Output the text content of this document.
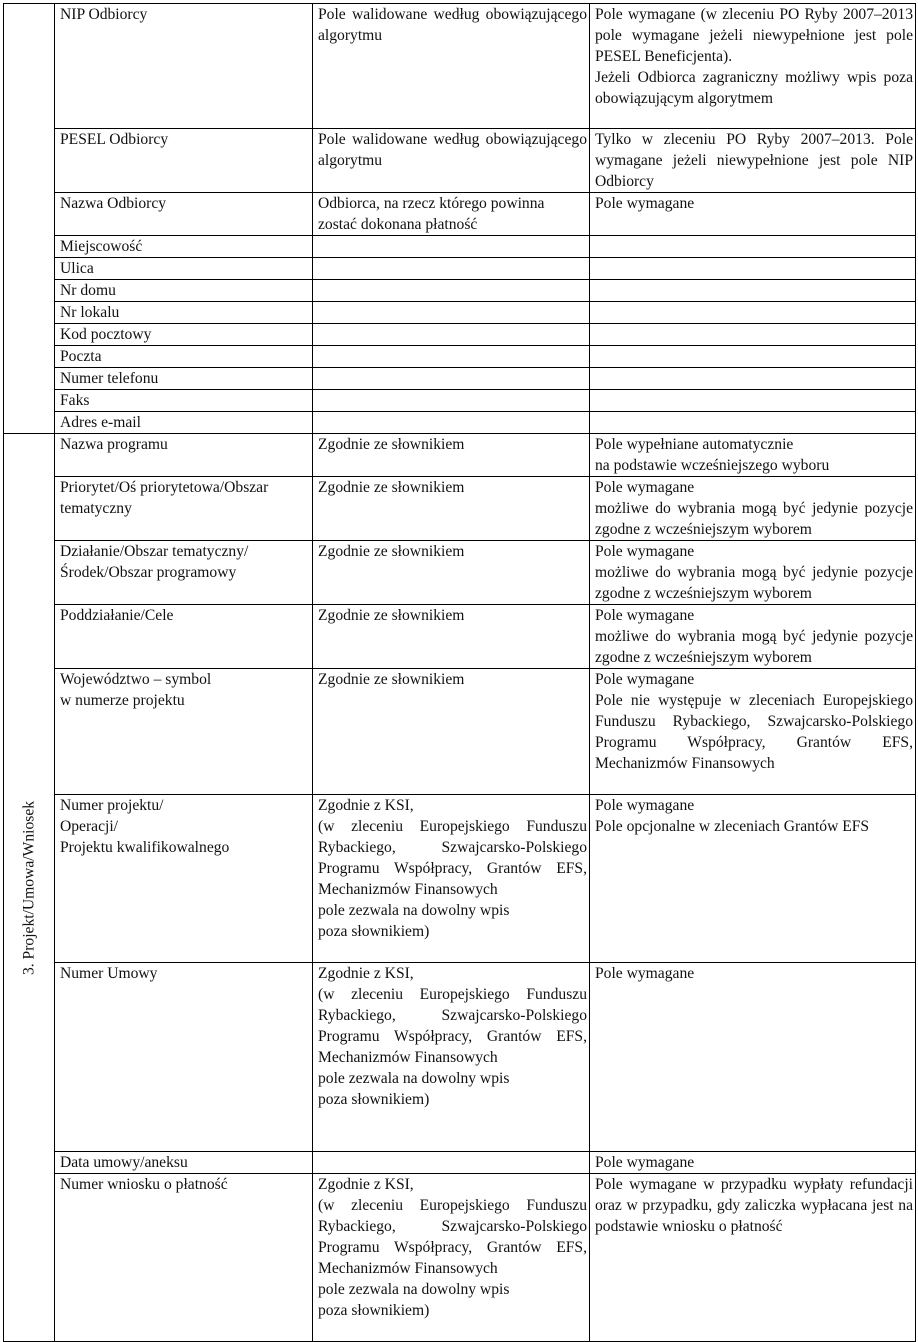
	NIP Odbiorcy	Pole walidowane według obowiązującego algorytmu	Pole wymagane (w zleceniu PO Ryby 2007–2013 pole wymagane jeżeli niewypełnione jest pole PESEL Beneficjenta).
Jeżeli Odbiorca zagraniczny możliwy wpis poza obowiązującym algorytmem

	PESEL Odbiorcy	Pole walidowane według obowiązującego algorytmu	Tylko w zleceniu PO Ryby 2007–2013. Pole wymagane jeżeli niewypełnione jest pole NIP Odbiorcy

	Nazwa Odbiorcy	Odbiorca, na rzecz którego powinna zostać dokonana płatność	Pole wymagane

	Miejscowość		

	Ulica		

	Nr domu		

	Nr lokalu		

	Kod pocztowy		

	Poczta		

	Numer telefonu		

	Faks		

	Adres e-mail		

3. Projekt/Umowa/Wniosek	Nazwa programu	Zgodnie ze słownikiem	Pole wypełniane automatycznie
na podstawie wcześniejszego wyboru

	Priorytet/Oś priorytetowa/Obszar tematyczny	Zgodnie ze słownikiem	Pole wymagane
możliwe do wybrania mogą być jedynie pozycje zgodne z wcześniejszym wyborem

	Działanie/Obszar tematyczny/Środek/Obszar programowy	Zgodnie ze słownikiem	Pole wymagane
możliwe do wybrania mogą być jedynie pozycje zgodne z wcześniejszym wyborem

	Poddziałanie/Cele	Zgodnie ze słownikiem	Pole wymagane
możliwe do wybrania mogą być jedynie pozycje zgodne z wcześniejszym wyborem

	Województwo – symbol
w numerze projektu	Zgodnie ze słownikiem	Pole wymagane
Pole nie występuje w zleceniach Europejskiego Funduszu Rybackiego, Szwajcarsko-Polskiego Programu Współpracy, Grantów EFS, Mechanizmów Finansowych

	Numer projektu/
Operacji/
Projektu kwalifikowalnego	Zgodnie z KSI,
(w zleceniu Europejskiego Funduszu Rybackiego, Szwajcarsko-Polskiego Programu Współpracy, Grantów EFS, Mechanizmów Finansowych
pole zezwala na dowolny wpis
poza słownikiem)	Pole wymagane
Pole opcjonalne w zleceniach Grantów EFS

	Numer Umowy	Zgodnie z KSI,
(w zleceniu Europejskiego Funduszu Rybackiego, Szwajcarsko-Polskiego Programu Współpracy, Grantów EFS, Mechanizmów Finansowych
pole zezwala na dowolny wpis
poza słownikiem)	Pole wymagane

	Data umowy/aneksu		Pole wymagane

	Numer wniosku o płatność	Zgodnie z KSI,
(w zleceniu Europejskiego Funduszu Rybackiego, Szwajcarsko-Polskiego Programu Współpracy, Grantów EFS, Mechanizmów Finansowych
pole zezwala na dowolny wpis
poza słownikiem)	Pole wymagane w przypadku wypłaty refundacji oraz w przypadku, gdy zaliczka wypłacana jest na podstawie wniosku o płatność
